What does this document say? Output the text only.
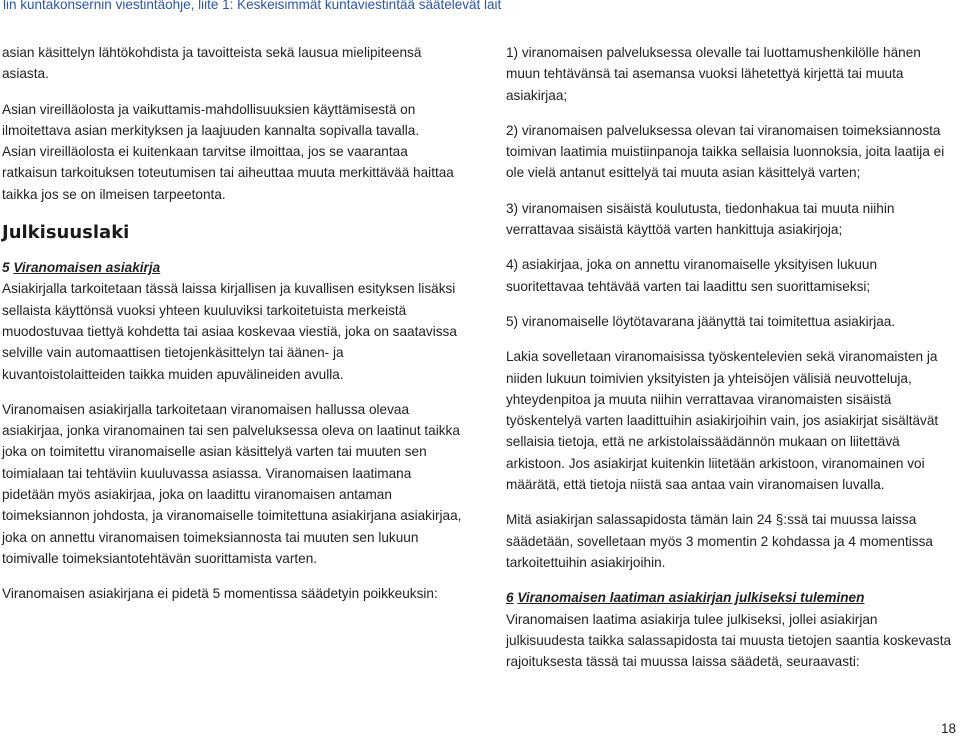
lin kuntakonsernin viestintäohje, liite 1: Keskeisimmät kuntaviestintää säätelevät lait

asian käsittelyn lähtökohdista ja tavoitteista sekä lausua mielipiteensä asiasta.

Asian vireilläolosta ja vaikuttamis-mahdollisuuksien käyttämisestä on ilmoitettava asian merkityksen ja laajuuden kannalta sopivalla tavalla.

Asian vireilläolosta ei kuitenkaan tarvitse ilmoittaa, jos se vaarantaa ratkaisun tarkoituksen toteutumisen tai aiheuttaa muuta merkittävää haittaa taikka jos se on ilmeisen tarpeetonta.

Julkisuuslaki

5 Viranomaisen asiakirja

Asiakirjalla tarkoitetaan tässä laissa kirjallisen ja kuvallisen esityksen lisäksi sellaista käyttönsä vuoksi yhteen kuuluviksi tarkoitetuista merkeistä muodostuvaa tiettyä kohdetta tai asiaa koskevaa viestiä, joka on saatavissa selville vain automaattisen tietojenkäsittelyn tai äänen- ja kuvantoistolaitteiden taikka muiden apuvälineiden avulla.

Viranomaisen asiakirjalla tarkoitetaan viranomaisen hallussa olevaa asiakirjaa, jonka viranomainen tai sen palveluksessa oleva on laatinut taikka joka on toimitettu viranomaiselle asian käsittelyä varten tai muuten sen toimialaan tai tehtäviin kuuluvassa asiassa. Viranomaisen laatimana pidetään myös asiakirjaa, joka on laadittu viranomaisen antaman toimeksiannon johdosta, ja viranomaiselle toimitettuna asiakirjana asiakirjaa, joka on annettu viranomaisen toimeksiannosta tai muuten sen lukuun toimivalle toimeksiantotehtävän suorittamista varten.

Viranomaisen asiakirjana ei pidetä 5 momentissa säädetyin poikkeuksin:

1) viranomaisen palveluksessa olevalle tai luottamushenkilölle hänen muun tehtävänsä tai asemansa vuoksi lähetettyä kirjettä tai muuta asiakirjaa;

2) viranomaisen palveluksessa olevan tai viranomaisen toimeksiannosta toimivan laatimia muistiinpanoja taikka sellaisia luonnoksia, joita laatija ei ole vielä antanut esittelyä tai muuta asian käsittelyä varten;

3) viranomaisen sisäistä koulutusta, tiedonhakua tai muuta niihin verrattavaa sisäistä käyttöä varten hankittuja asiakirjoja;

4) asiakirjaa, joka on annettu viranomaiselle yksityisen lukuun suoritettavaa tehtävää varten tai laadittu sen suorittamiseksi;

5) viranomaiselle löytötavarana jäänyttä tai toimitettua asiakirjaa.

Lakia sovelletaan viranomaisissa työskentelevien sekä viranomaisten ja niiden lukuun toimivien yksityisten ja yhteisöjen välisiä neuvotteluja, yhteydenpitoa ja muuta niihin verrattavaa viranomaisten sisäistä työskentelyä varten laadittuihin asiakirjoihin vain, jos asiakirjat sisältävät sellaisia tietoja, että ne arkistolaissäädännön mukaan on liitettävä arkistoon. Jos asiakirjat kuitenkin liitetään arkistoon, viranomainen voi määrätä, että tietoja niistä saa antaa vain viranomaisen luvalla.

Mitä asiakirjan salassapidosta tämän lain 24 §:ssä tai muussa laissa säädetään, sovelletaan myös 3 momentin 2 kohdassa ja 4 momentissa tarkoitettuihin asiakirjoihin.

6 Viranomaisen laatiman asiakirjan julkiseksi tuleminen

Viranomaisen laatima asiakirja tulee julkiseksi, jollei asiakirjan julkisuudesta taikka salassapidosta tai muusta tietojen saantia koskevasta rajoituksesta tässä tai muussa laissa säädetä, seuraavasti:

18
